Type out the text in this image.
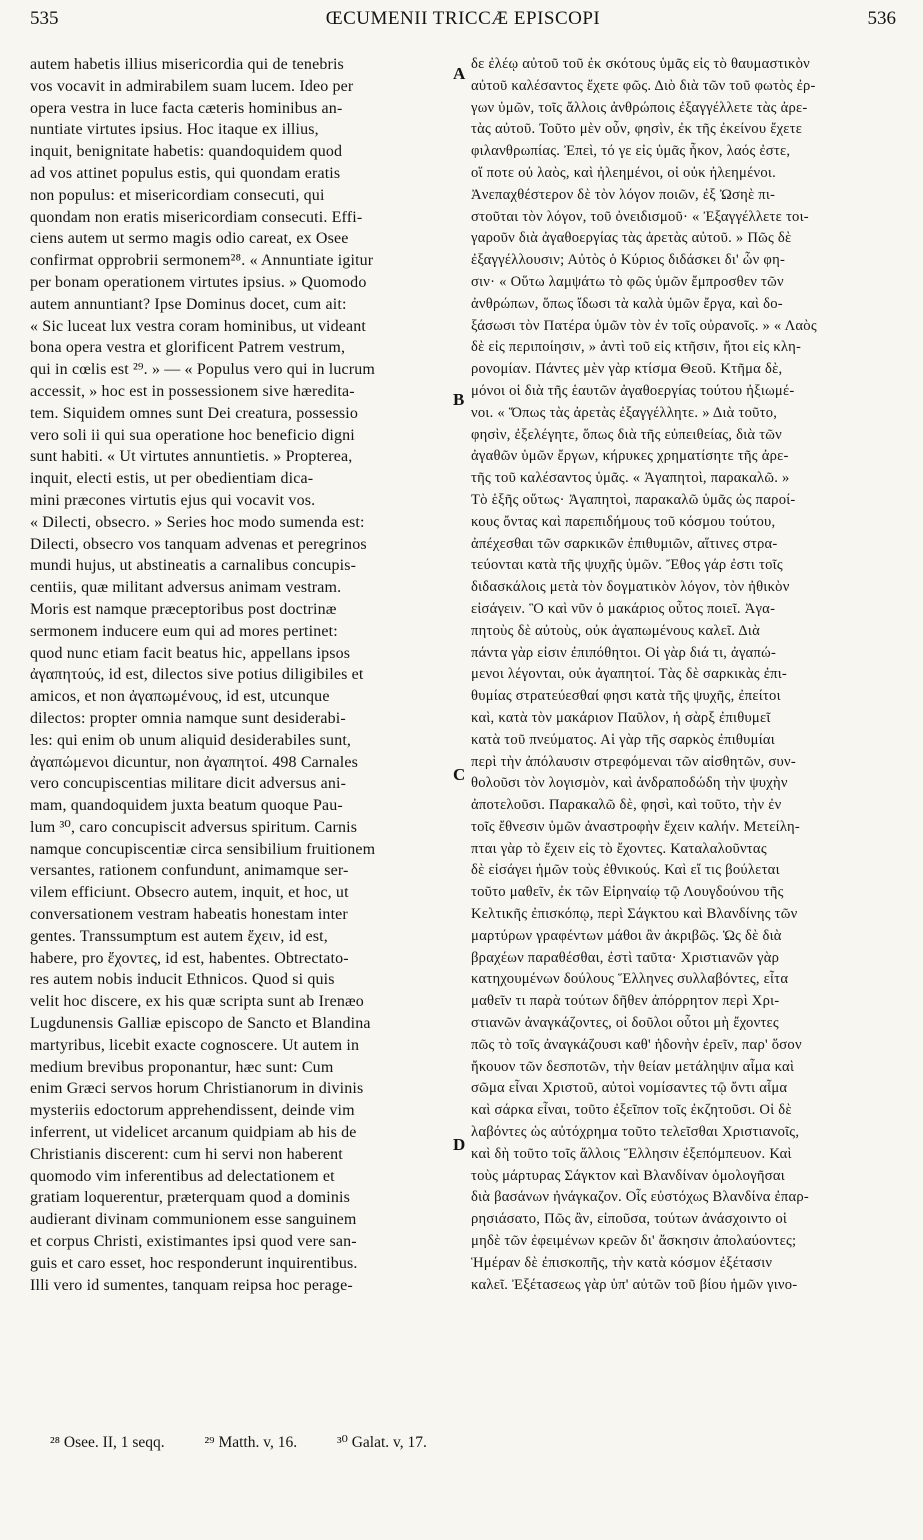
535	ŒCUMENII TRICCÆ EPISCOPI	536
autem habetis illius misericordia qui de tenebris
vos vocavit in admirabilem suam lucem. Ideo per
opera vestra in luce facta cæteris hominibus an-
nuntiate virtutes ipsius. Hoc itaque ex illius,
inquit, benignitate habetis: quandoquidem quod
ad vos attinet populus estis, qui quondam eratis
non populus: et misericordiam consecuti, qui
quondam non eratis misericordiam consecuti. Effi-
ciens autem ut sermo magis odio careat, ex Osee
confirmat opprobrii sermonem²⁸. « Annuntiate igitur
per bonam operationem virtutes ipsius. » Quomodo
autem annuntiant? Ipse Dominus docet, cum ait:
« Sic luceat lux vestra coram hominibus, ut videant
bona opera vestra et glorificent Patrem vestrum,
qui in cœlis est ²⁹. » — « Populus vero qui in lucrum
accessit, » hoc est in possessionem sive hæredita-
tem. Siquidem omnes sunt Dei creatura, possessio
vero soli ii qui sua operatione hoc beneficio digni
sunt habiti. « Ut virtutes annuntietis. » Propterea,
inquit, electi estis, ut per obedientiam dica-
mini præcones virtutis ejus qui vocavit vos.
« Dilecti, obsecro. » Series hoc modo sumenda est:
Dilecti, obsecro vos tanquam advenas et peregrinos
mundi hujus, ut abstineatis a carnalibus concupis-
centiis, quæ militant adversus animam vestram.
Moris est namque præceptoribus post doctrinæ
sermonem inducere eum qui ad mores pertinet:
quod nunc etiam facit beatus hic, appellans ipsos
ἀγαπητούς, id est, dilectos sive potius diligibiles et
amicos, et non ἀγαπωμένους, id est, utcunque
dilectos: propter omnia namque sunt desiderabi-
les: qui enim ob unum aliquid desiderabiles sunt,
ἀγαπώμενοι dicuntur, non ἀγαπητοί. 498 Carnales
vero concupiscentias militare dicit adversus ani-
mam, quandoquidem juxta beatum quoque Pau-
lum ³⁰, caro concupiscit adversus spiritum. Carnis
namque concupiscentiæ circa sensibilium fruitionem
versantes, rationem confundunt, animamque ser-
vilem efficiunt. Obsecro autem, inquit, et hoc, ut
conversationem vestram habeatis honestam inter
gentes. Transsumptum est autem ἔχειν, id est,
habere, pro ἔχοντες, id est, habentes. Obtrectato-
res autem nobis inducit Ethnicos. Quod si quis
velit hoc discere, ex his quæ scripta sunt ab Irenæo
Lugdunensis Galliæ episcopo de Sancto et Blandina
martyribus, licebit exacte cognoscere. Ut autem in
medium brevibus proponantur, hæc sunt: Cum
enim Græci servos horum Christianorum in divinis
mysteriis edoctorum apprehendissent, deinde vim
inferrent, ut videlicet arcanum quidpiam ab his de
Christianis discerent: cum hi servi non haberent
quomodo vim inferentibus ad delectationem et
gratiam loquerentur, præterquam quod a dominis
audierant divinam communionem esse sanguinem
et corpus Christi, existimantes ipsi quod vere san-
guis et caro esset, hoc responderunt inquirentibus.
Illi vero id sumentes, tanquam reipsa hoc perage-
δε ἐλέῳ αὐτοῦ τοῦ ἐκ σκότους ὑμᾶς εἰς τὸ θαυμαστικὸν
αὐτοῦ καλέσαντος ἔχετε φῶς. Διὸ διὰ τῶν τοῦ φωτὸς ἐρ-
γων ὑμῶν, τοῖς ἄλλοις ἀνθρώποις ἐξαγγέλλετε τὰς ἀρε-
τὰς αὐτοῦ. Τοῦτο μὲν οὖν, φησὶν, ἐκ τῆς ἐκείνου ἔχετε
φιλανθρωπίας. Ἐπεὶ, τό γε εἰς ὑμᾶς ἧκον, λαός ἐστε,
οἵ ποτε οὐ λαὸς, καὶ ἠλεημένοι, οἱ οὐκ ἠλεημένοι.
Ἀνεπαχθέστερον δὲ τὸν λόγον ποιῶν, ἐξ Ὠσηὲ πι-
στοῦται τὸν λόγον, τοῦ ὀνειδισμοῦ· « Ἐξαγγέλλετε τοι-
γαροῦν διὰ ἀγαθοεργίας τὰς ἀρετὰς αὐτοῦ. » Πῶς δὲ
ἐξαγγέλλουσιν; Αὐτὸς ὁ Κύριος διδάσκει δι' ὧν φη-
σιν· « Οὕτω λαμψάτω τὸ φῶς ὑμῶν ἔμπροσθεν τῶν
ἀνθρώπων, ὅπως ἴδωσι τὰ καλὰ ὑμῶν ἔργα, καὶ δο-
ξάσωσι τὸν Πατέρα ὑμῶν τὸν ἐν τοῖς οὐρανοῖς. » « Λαὸς
δὲ εἰς περιποίησιν, » ἀντὶ τοῦ εἰς κτῆσιν, ἤτοι εἰς κλη-
ρονομίαν. Πάντες μὲν γὰρ κτίσμα Θεοῦ. Κτῆμα δὲ,
μόνοι οἱ διὰ τῆς ἑαυτῶν ἀγαθοεργίας τούτου ἠξιωμέ-
νοι. « Ὅπως τὰς ἀρετὰς ἐξαγγέλλητε. » Διὰ τοῦτο,
φησὶν, ἐξελέγητε, ὅπως διὰ τῆς εὐπειθείας, διὰ τῶν
ἀγαθῶν ὑμῶν ἔργων, κήρυκες χρηματίσητε τῆς ἀρε-
τῆς τοῦ καλέσαντος ὑμᾶς. « Ἀγαπητοὶ, παρακαλῶ. »
Τὸ ἑξῆς οὕτως· Ἀγαπητοὶ, παρακαλῶ ὑμᾶς ὡς παροί-
κους ὄντας καὶ παρεπιδήμους τοῦ κόσμου τούτου,
ἀπέχεσθαι τῶν σαρκικῶν ἐπιθυμιῶν, αἵτινες στρα-
τεύονται κατὰ τῆς ψυχῆς ὑμῶν. Ἔθος γάρ ἐστι τοῖς
διδασκάλοις μετὰ τὸν δογματικὸν λόγον, τὸν ἠθικὸν
εἰσάγειν. Ὃ καὶ νῦν ὁ μακάριος οὗτος ποιεῖ. Ἀγα-
πητοὺς δὲ αὐτοὺς, οὐκ ἀγαπωμένους καλεῖ. Διὰ
πάντα γὰρ εἰσιν ἐπιπόθητοι. Οἱ γὰρ διά τι, ἀγαπώ-
μενοι λέγονται, οὐκ ἀγαπητοί. Τὰς δὲ σαρκικὰς ἐπι-
θυμίας στρατεύεσθαί φησι κατὰ τῆς ψυχῆς, ἐπείτοι
καὶ, κατὰ τὸν μακάριον Παῦλον, ἡ σὰρξ ἐπιθυμεῖ
κατὰ τοῦ πνεύματος. Αἱ γὰρ τῆς σαρκὸς ἐπιθυμίαι
περὶ τὴν ἀπόλαυσιν στρεφόμεναι τῶν αἰσθητῶν, συν-
θολοῦσι τὸν λογισμὸν, καὶ ἀνδραποδώδη τὴν ψυχὴν
ἀποτελοῦσι. Παρακαλῶ δὲ, φησὶ, καὶ τοῦτο, τὴν ἐν
τοῖς ἔθνεσιν ὑμῶν ἀναστροφὴν ἔχειν καλήν. Μετείλη-
πται γὰρ τὸ ἔχειν εἰς τὸ ἔχοντες. Καταλαλοῦντας
δὲ εἰσάγει ἡμῶν τοὺς ἐθνικούς. Καὶ εἴ τις βούλεται
τοῦτο μαθεῖν, ἐκ τῶν Εἰρηναίῳ τῷ Λουγδούνου τῆς
Κελτικῆς ἐπισκόπῳ, περὶ Σάγκτου καὶ Βλανδίνης τῶν
μαρτύρων γραφέντων μάθοι ἂν ἀκριβῶς. Ὡς δὲ διὰ
βραχέων παραθέσθαι, ἐστὶ ταῦτα· Χριστιανῶν γὰρ
κατηχουμένων δούλους Ἕλληνες συλλαβόντες, εἶτα
μαθεῖν τι παρὰ τούτων δῆθεν ἀπόρρητον περὶ Χρι-
στιανῶν ἀναγκάζοντες, οἱ δοῦλοι οὗτοι μὴ ἔχοντες
πῶς τὸ τοῖς ἀναγκάζουσι καθ' ἡδονὴν ἐρεῖν, παρ' ὅσον
ἤκουον τῶν δεσποτῶν, τὴν θείαν μετάληψιν αἷμα καὶ
σῶμα εἶναι Χριστοῦ, αὐτοὶ νομίσαντες τῷ ὄντι αἷμα
καὶ σάρκα εἶναι, τοῦτο ἐξεῖπον τοῖς ἐκζητοῦσι. Οἱ δὲ
λαβόντες ὡς αὐτόχρημα τοῦτο τελεῖσθαι Χριστιανοῖς,
καὶ δὴ τοῦτο τοῖς ἄλλοις Ἕλλησιν ἐξεπόμπευον. Καὶ
τοὺς μάρτυρας Σάγκτον καὶ Βλανδίναν ὁμολογῆσαι
διὰ βασάνων ἠνάγκαζον. Οἷς εὐστόχως Βλανδίνα ἐπαρ-
ρησιάσατο, Πῶς ἂν, εἰποῦσα, τούτων ἀνάσχοιντο οἱ
μηδὲ τῶν ἐφειμένων κρεῶν δι' ἄσκησιν ἀπολαύοντες;
Ἡμέραν δὲ ἐπισκοπῆς, τὴν κατὰ κόσμον ἐξέτασιν
καλεῖ. Ἐξέτασεως γὰρ ὑπ' αὐτῶν τοῦ βίου ἡμῶν γινο-
A
B
C
D
²⁸ Osee. II, 1 seqq.	²⁹ Matth. v, 16.	³⁰ Galat. v, 17.
